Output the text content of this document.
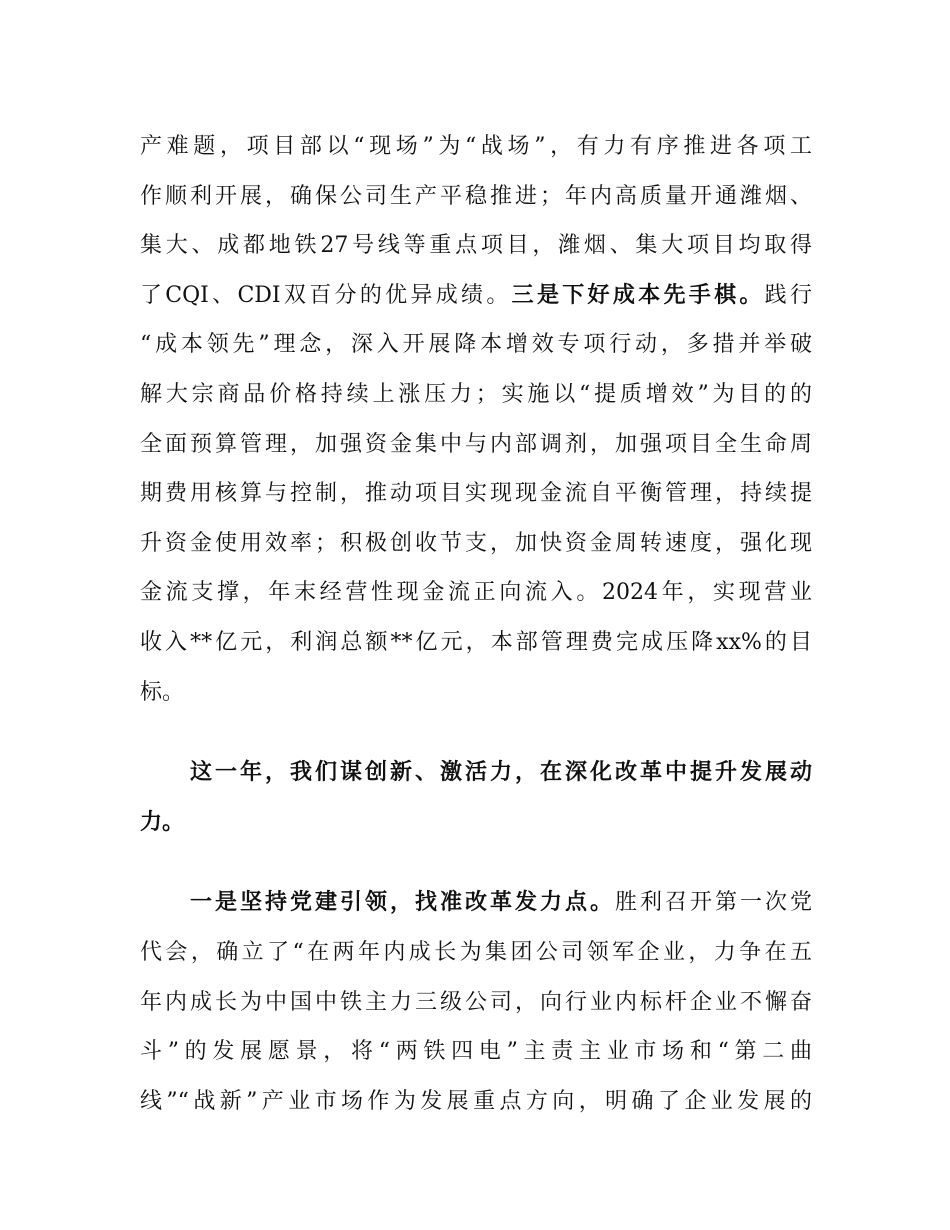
产难题，项目部以“现场”为“战场”，有力有序推进各项工
作顺利开展，确保公司生产平稳推进；年内高质量开通潍烟、
集大、成都地铁27号线等重点项目，潍烟、集大项目均取得
了CQI、CDI双百分的优异成绩。三是下好成本先手棋。践行
“成本领先”理念，深入开展降本增效专项行动，多措并举破
解大宗商品价格持续上涨压力；实施以“提质增效”为目的的
全面预算管理，加强资金集中与内部调剂，加强项目全生命周
期费用核算与控制，推动项目实现现金流自平衡管理，持续提
升资金使用效率；积极创收节支，加快资金周转速度，强化现
金流支撑，年末经营性现金流正向流入。2024年，实现营业
收入**亿元，利润总额**亿元，本部管理费完成压降xx%的目
标。
这一年，我们谋创新、激活力，在深化改革中提升发展动
力。
一是坚持党建引领，找准改革发力点。胜利召开第一次党
代会，确立了“在两年内成长为集团公司领军企业，力争在五
年内成长为中国中铁主力三级公司，向行业内标杆企业不懈奋
斗”的发展愿景，将“两铁四电”主责主业市场和“第二曲
线”“战新”产业市场作为发展重点方向，明确了企业发展的
